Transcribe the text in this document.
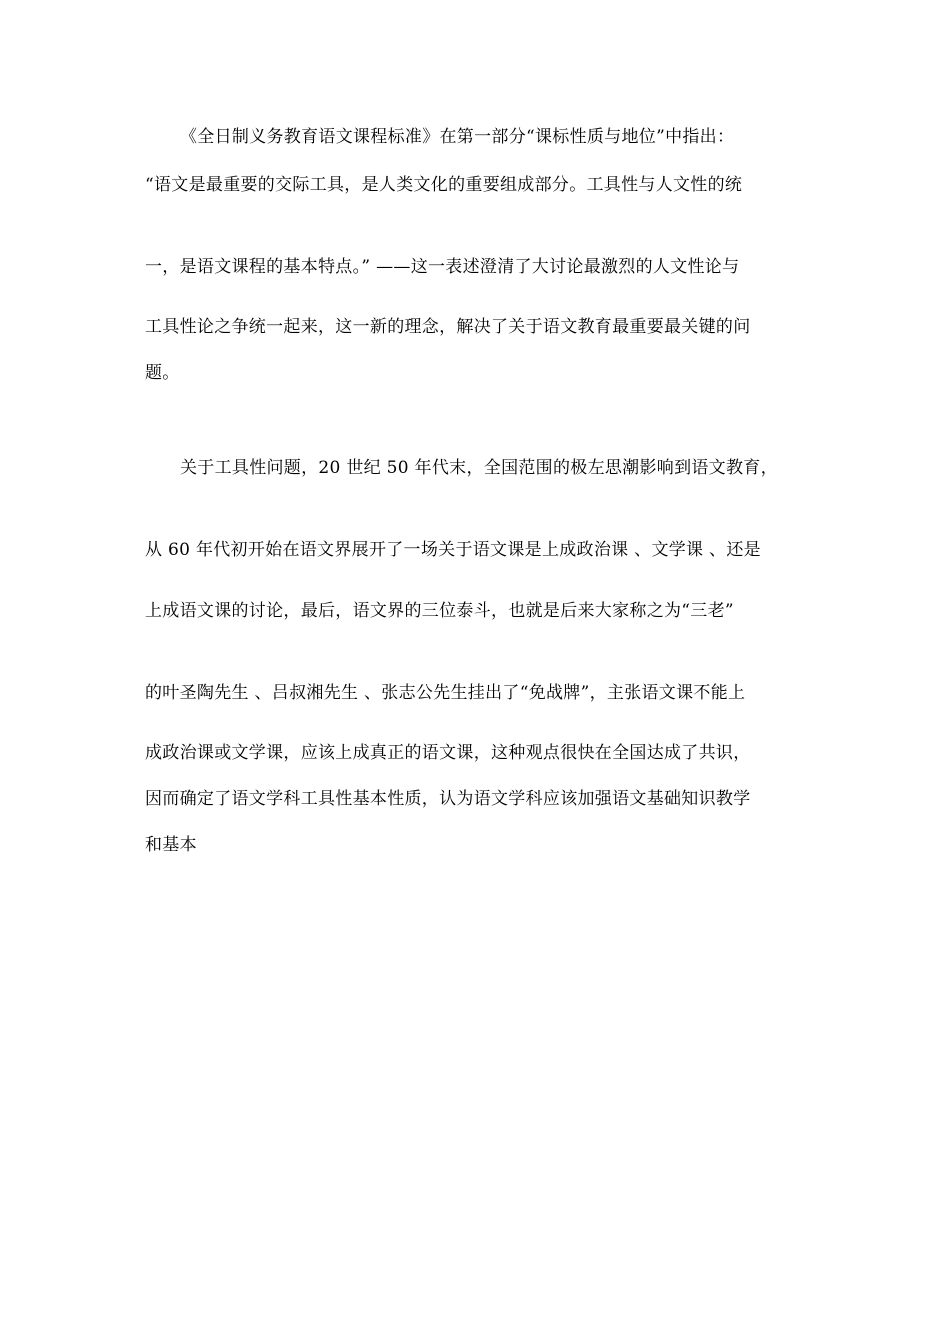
《全日制义务教育语文课程标准》在第一部分“课标性质与地位”中指出：
“语文是最重要的交际工具，是人类文化的重要组成部分。工具性与人文性的统
一，是语文课程的基本特点。” ——这一表述澄清了大讨论最激烈的人文性论与
工具性论之争统一起来，这一新的理念，解决了关于语文教育最重要最关键的问
题。
关于工具性问题，20 世纪 50 年代末，全国范围的极左思潮影响到语文教育，
从 60 年代初开始在语文界展开了一场关于语文课是上成政治课 、文学课 、还是
上成语文课的讨论，最后，语文界的三位泰斗，也就是后来大家称之为“三老”
的叶圣陶先生 、吕叔湘先生 、张志公先生挂出了“免战牌”，主张语文课不能上
成政治课或文学课，应该上成真正的语文课，这种观点很快在全国达成了共识，
因而确定了语文学科工具性基本性质，认为语文学科应该加强语文基础知识教学
和基本
